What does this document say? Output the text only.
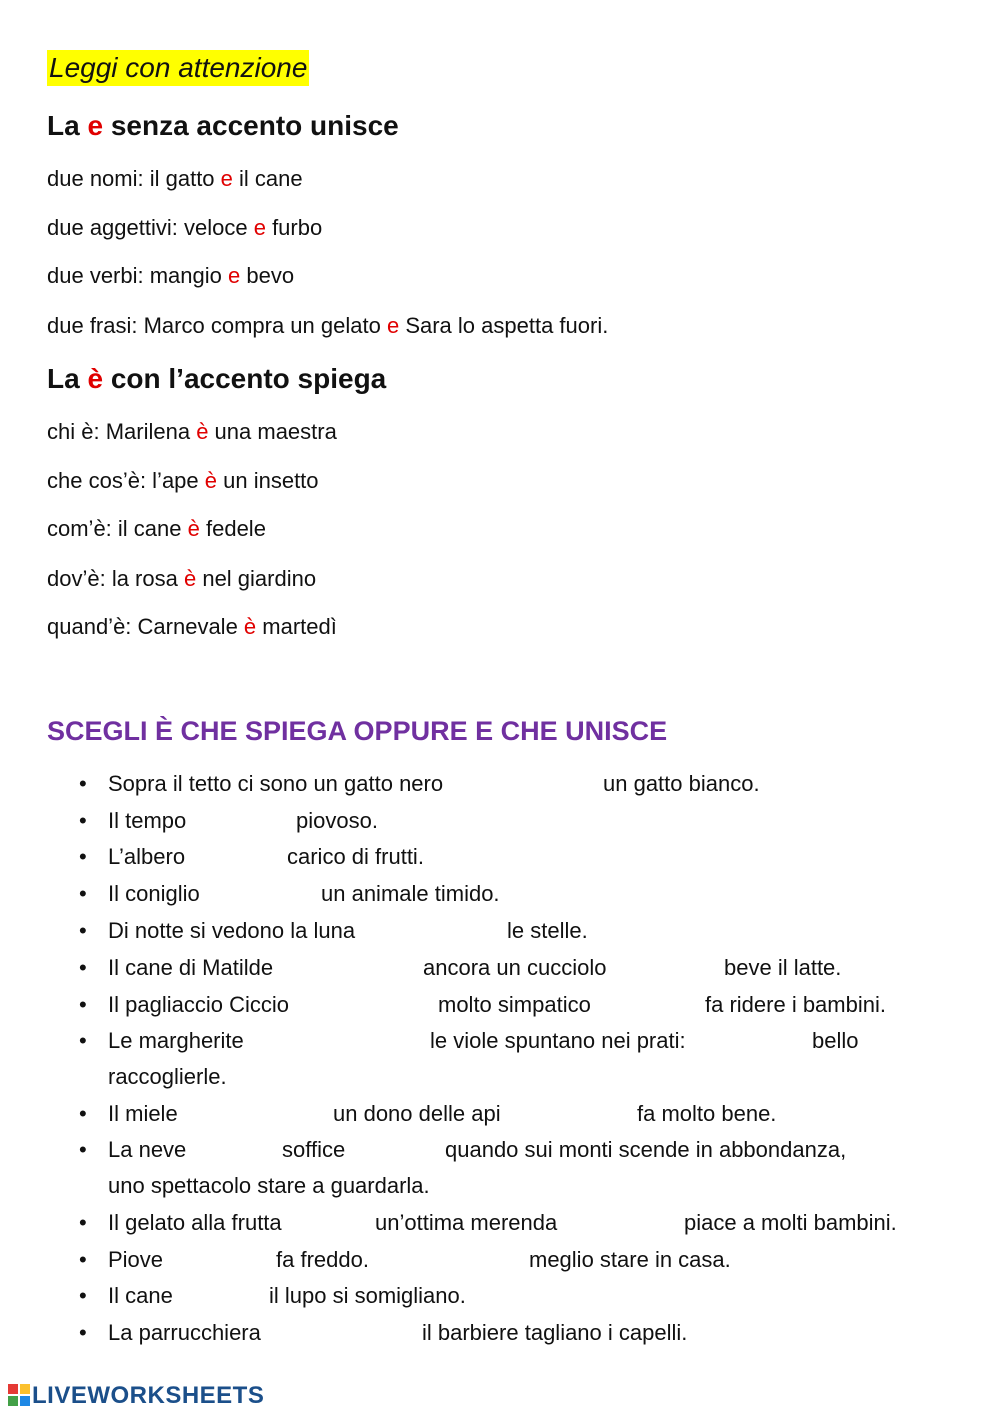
Leggi con attenzione
La e senza accento unisce
due nomi: il gatto e il cane
due aggettivi: veloce e furbo
due verbi: mangio e bevo
due frasi: Marco compra un gelato e Sara lo aspetta fuori.
La è con l’accento spiega
chi è: Marilena è una maestra
che cos’è: l’ape è un insetto
com’è: il cane è fedele
dov’è: la rosa è nel giardino
quand’è: Carnevale è martedì
SCEGLI È CHE SPIEGA OPPURE E CHE UNISCE
• Sopra il tetto ci sono un gatto nero	un gatto bianco.
• Il tempo	piovoso.
• L’albero	carico di frutti.
• Il coniglio	un animale timido.
• Di notte si vedono la luna	le stelle.
• Il cane di Matilde	ancora un cucciolo	beve il latte.
• Il pagliaccio Ciccio	molto simpatico	fa ridere i bambini.
• Le margherite	le viole spuntano nei prati:	bello
raccoglierle.
• Il miele	un dono delle api	fa molto bene.
• La neve	soffice	quando sui monti scende in abbondanza,
uno spettacolo stare a guardarla.
• Il gelato alla frutta	un’ottima merenda	piace a molti bambini.
• Piove	fa freddo.	meglio stare in casa.
• Il cane	il lupo si somigliano.
• La parrucchiera	il barbiere tagliano i capelli.
LIVEWORKSHEETS
